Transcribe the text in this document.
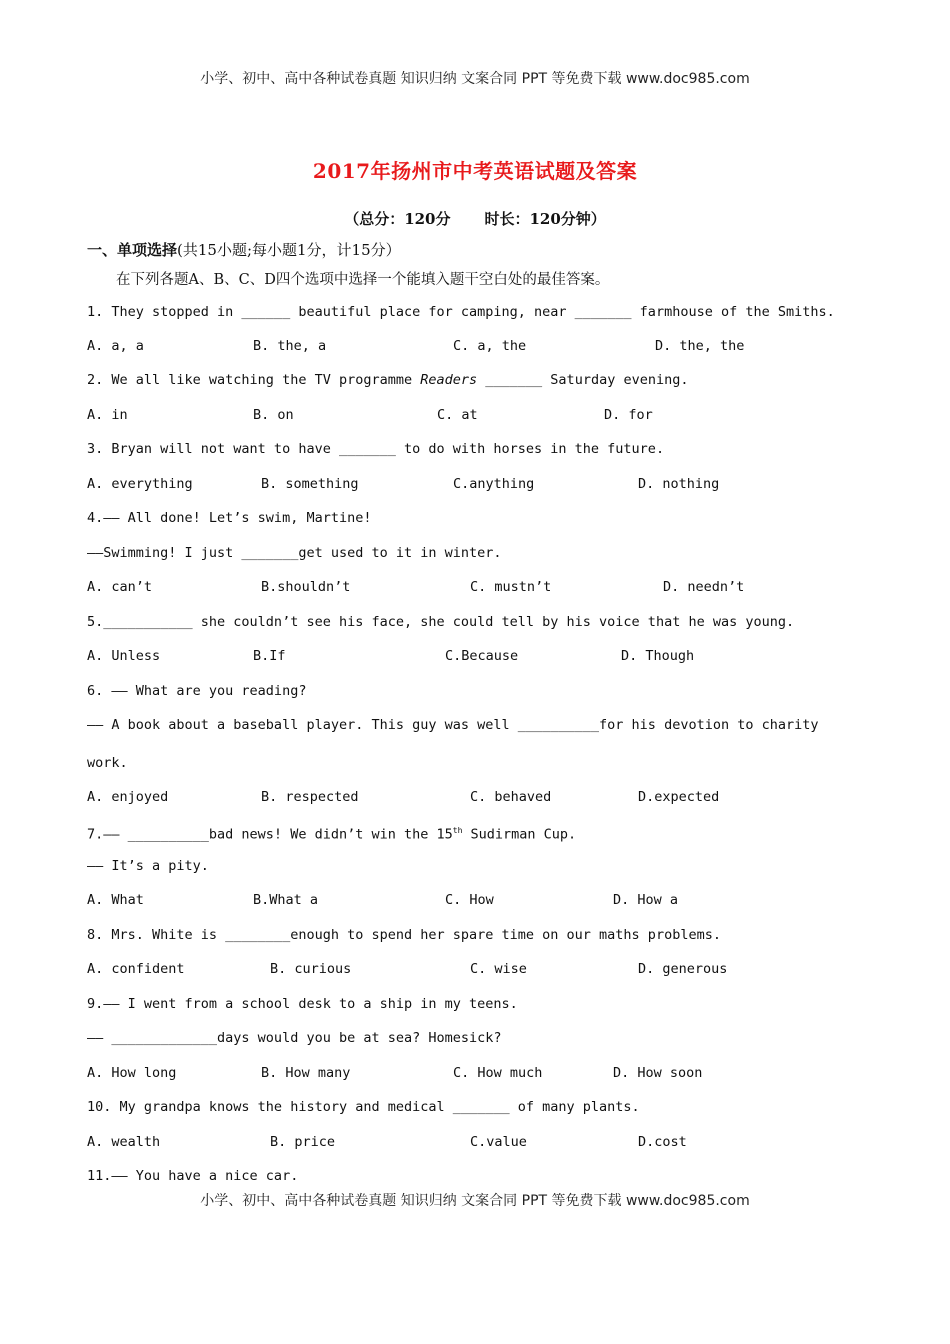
小学、初中、高中各种试卷真题 知识归纳 文案合同 PPT 等免费下载 www.doc985.com
2017年扬州市中考英语试题及答案
（总分：120分 时长：120分钟）
一、单项选择(共15小题;每小题1分，计15分）
在下列各题A、B、C、D四个选项中选择一个能填入题干空白处的最佳答案。
1. They stopped in ______ beautiful place for camping, near _______ farmhouse of the Smiths.
A. a, a	B. the, a	C. a, the	D. the, the
2. We all like watching the TV programme Readers _______ Saturday evening.
A. in	B. on	C. at	D. for
3. Bryan will not want to have _______ to do with horses in the future.
A. everything	B. something	C.anything	D. nothing
4.—— All done! Let’s swim, Martine!
——Swimming! I just _______get used to it in winter.
A. can’t	B.shouldn’t	C. mustn’t	D. needn’t
5.___________ she couldn’t see his face, she could tell by his voice that he was young.
A. Unless	B.If	C.Because	D. Though
6. —— What are you reading?
—— A book about a baseball player. This guy was well __________for his devotion to charity
work.
A. enjoyed	B. respected	C. behaved	D.expected
7.—— __________bad news! We didn’t win the 15th Sudirman Cup.
—— It’s a pity.
A. What	B.What a	C. How	D. How a
8. Mrs. White is ________enough to spend her spare time on our maths problems.
A. confident	B. curious	C. wise	D. generous
9.—— I went from a school desk to a ship in my teens.
—— _____________days would you be at sea? Homesick?
A. How long	B. How many	C. How much	D. How soon
10. My grandpa knows the history and medical _______ of many plants.
A. wealth	B. price	C.value	D.cost
11.—— You have a nice car.
小学、初中、高中各种试卷真题 知识归纳 文案合同 PPT 等免费下载 www.doc985.com
